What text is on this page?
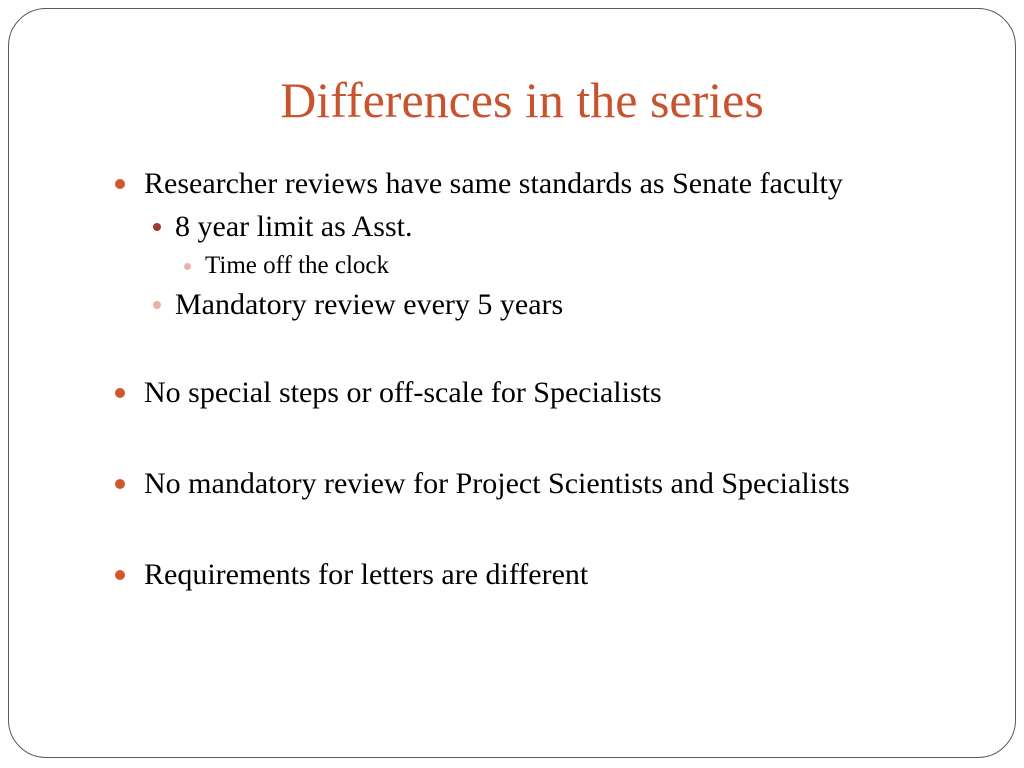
Differences in the series
Researcher reviews have same standards as Senate faculty
8 year limit as Asst.
Time off the clock
Mandatory review every 5 years
No special steps or off-scale for Specialists
No mandatory review for Project Scientists and Specialists
Requirements for letters are different
